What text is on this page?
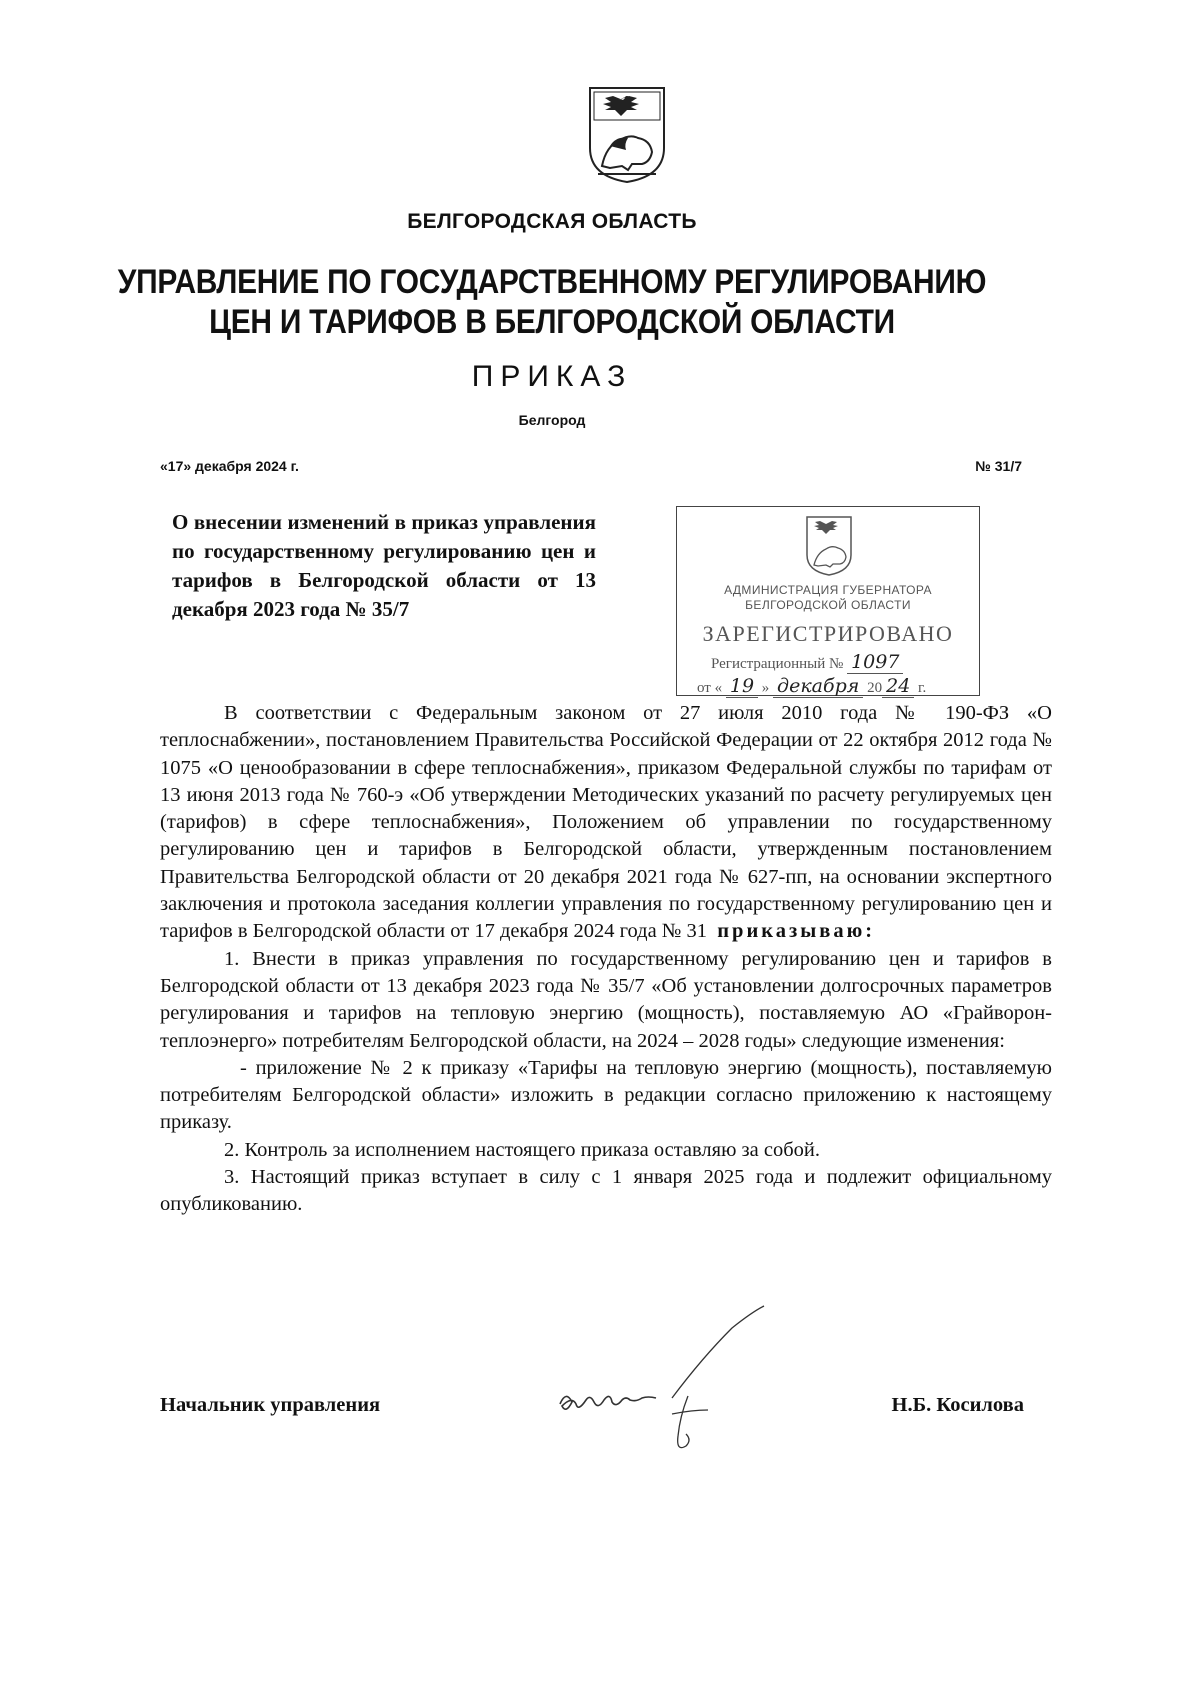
БЕЛГОРОДСКАЯ ОБЛАСТЬ
УПРАВЛЕНИЕ ПО ГОСУДАРСТВЕННОМУ РЕГУЛИРОВАНИЮ
ЦЕН И ТАРИФОВ В БЕЛГОРОДСКОЙ ОБЛАСТИ
ПРИКАЗ
Белгород
«17» декабря 2024 г.	№ 31/7
О внесении изменений в приказ управления по государственному регулированию цен и тарифов в Белгородской области от 13 декабря 2023 года № 35/7
АДМИНИСТРАЦИЯ ГУБЕРНАТОРА
БЕЛГОРОДСКОЙ ОБЛАСТИ
ЗАРЕГИСТРИРОВАНО
Регистрационный № 1097
от « 19 » декабря 20 24 г.

В соответствии с Федеральным законом от 27 июля 2010 года № 190-ФЗ «О теплоснабжении», постановлением Правительства Российской Федерации от 22 октября 2012 года № 1075 «О ценообразовании в сфере теплоснабжения», приказом Федеральной службы по тарифам от 13 июня 2013 года № 760-э «Об утверждении Методических указаний по расчету регулируемых цен (тарифов) в сфере теплоснабжения», Положением об управлении по государственному регулированию цен и тарифов в Белгородской области, утвержденным постановлением Правительства Белгородской области от 20 декабря 2021 года № 627-пп, на основании экспертного заключения и протокола заседания коллегии управления по государственному регулированию цен и тарифов в Белгородской области от 17 декабря 2024 года № 31 приказываю:

1. Внести в приказ управления по государственному регулированию цен и тарифов в Белгородской области от 13 декабря 2023 года № 35/7 «Об установлении долгосрочных параметров регулирования и тарифов на тепловую энергию (мощность), поставляемую АО «Грайворон-теплоэнерго» потребителям Белгородской области, на 2024 – 2028 годы» следующие изменения:

- приложение № 2 к приказу «Тарифы на тепловую энергию (мощность), поставляемую потребителям Белгородской области» изложить в редакции согласно приложению к настоящему приказу.

2. Контроль за исполнением настоящего приказа оставляю за собой.

3. Настоящий приказ вступает в силу с 1 января 2025 года и подлежит официальному опубликованию.

Начальник управления	Н.Б. Косилова
